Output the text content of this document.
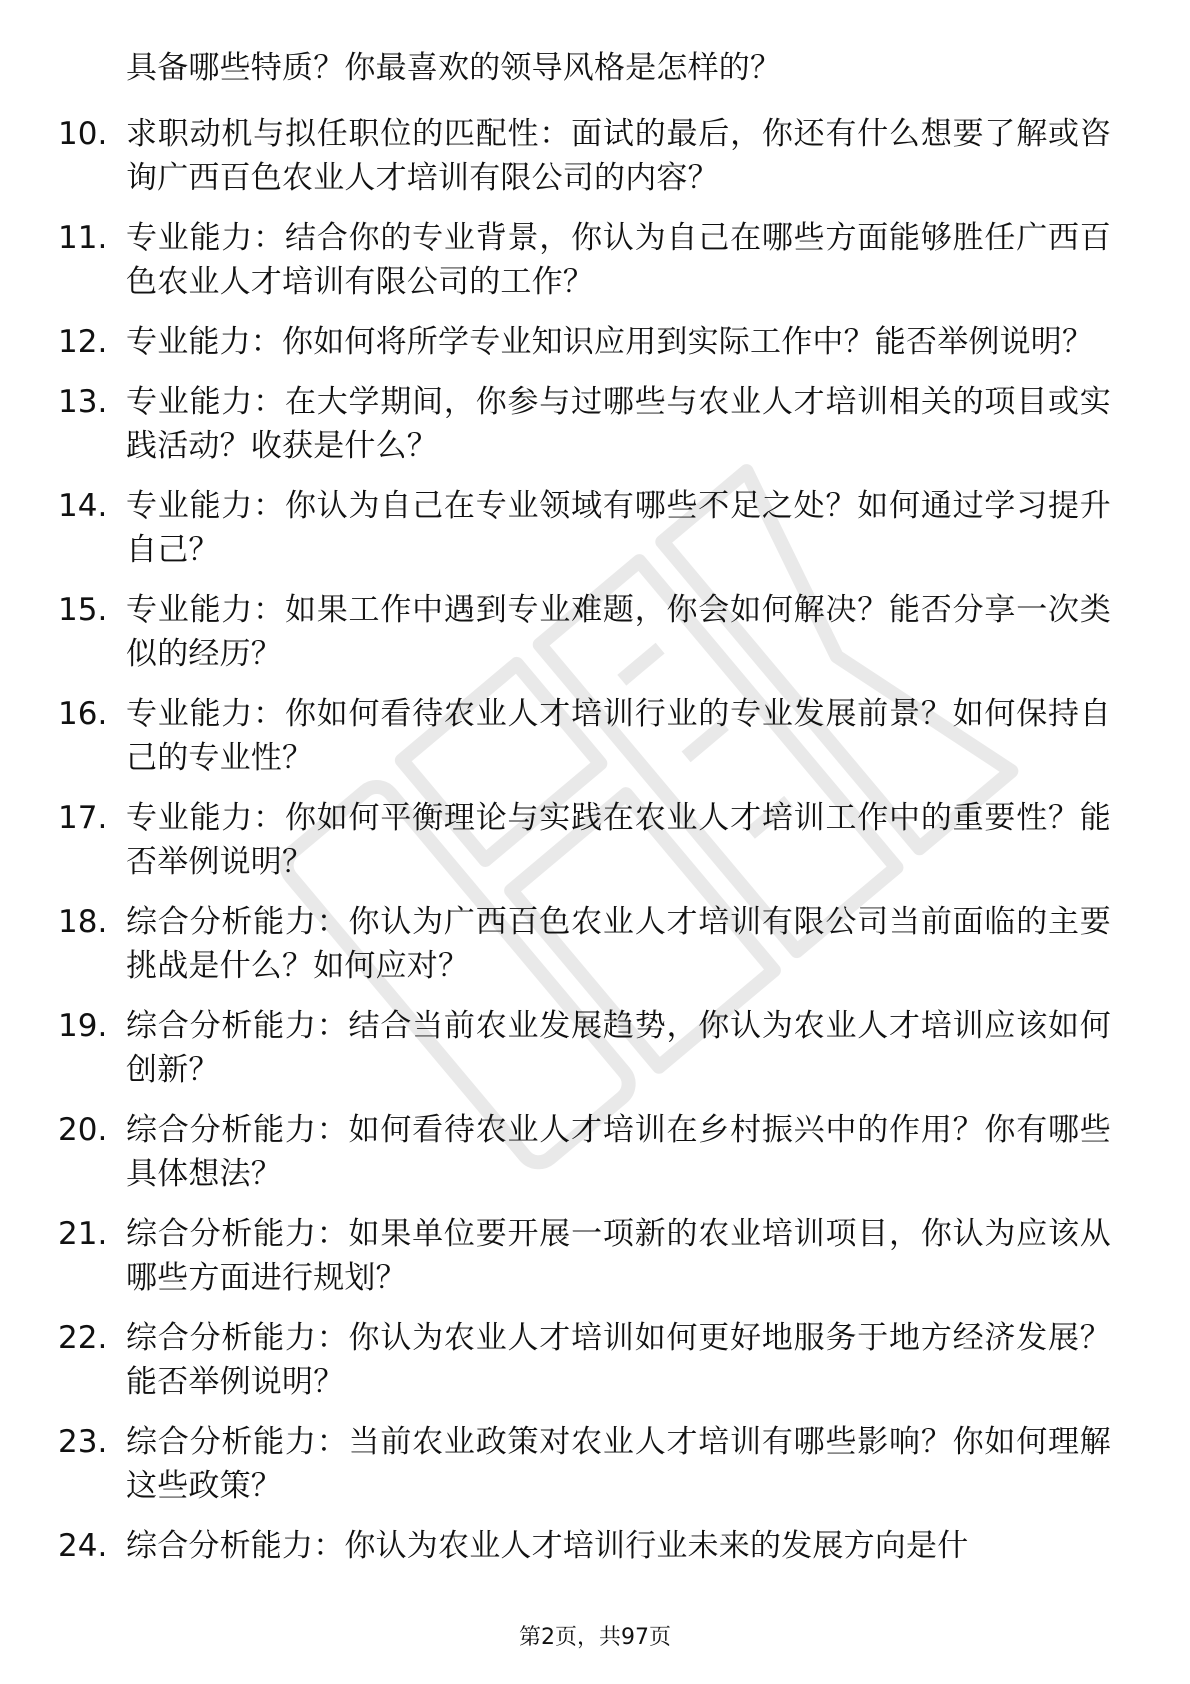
具备哪些特质？你最喜欢的领导风格是怎样的？
10. 求职动机与拟任职位的匹配性：面试的最后，你还有什么想要了解或咨询广西百色农业人才培训有限公司的内容？
11. 专业能力：结合你的专业背景，你认为自己在哪些方面能够胜任广西百色农业人才培训有限公司的工作？
12. 专业能力：你如何将所学专业知识应用到实际工作中？能否举例说明？
13. 专业能力：在大学期间，你参与过哪些与农业人才培训相关的项目或实践活动？收获是什么？
14. 专业能力：你认为自己在专业领域有哪些不足之处？如何通过学习提升自己？
15. 专业能力：如果工作中遇到专业难题，你会如何解决？能否分享一次类似的经历？
16. 专业能力：你如何看待农业人才培训行业的专业发展前景？如何保持自己的专业性？
17. 专业能力：你如何平衡理论与实践在农业人才培训工作中的重要性？能否举例说明？
18. 综合分析能力：你认为广西百色农业人才培训有限公司当前面临的主要挑战是什么？如何应对？
19. 综合分析能力：结合当前农业发展趋势，你认为农业人才培训应该如何创新？
20. 综合分析能力：如何看待农业人才培训在乡村振兴中的作用？你有哪些具体想法？
21. 综合分析能力：如果单位要开展一项新的农业培训项目，你认为应该从哪些方面进行规划？
22. 综合分析能力：你认为农业人才培训如何更好地服务于地方经济发展？能否举例说明？
23. 综合分析能力：当前农业政策对农业人才培训有哪些影响？你如何理解这些政策？
24. 综合分析能力：你认为农业人才培训行业未来的发展方向是什
第2页，共97页
